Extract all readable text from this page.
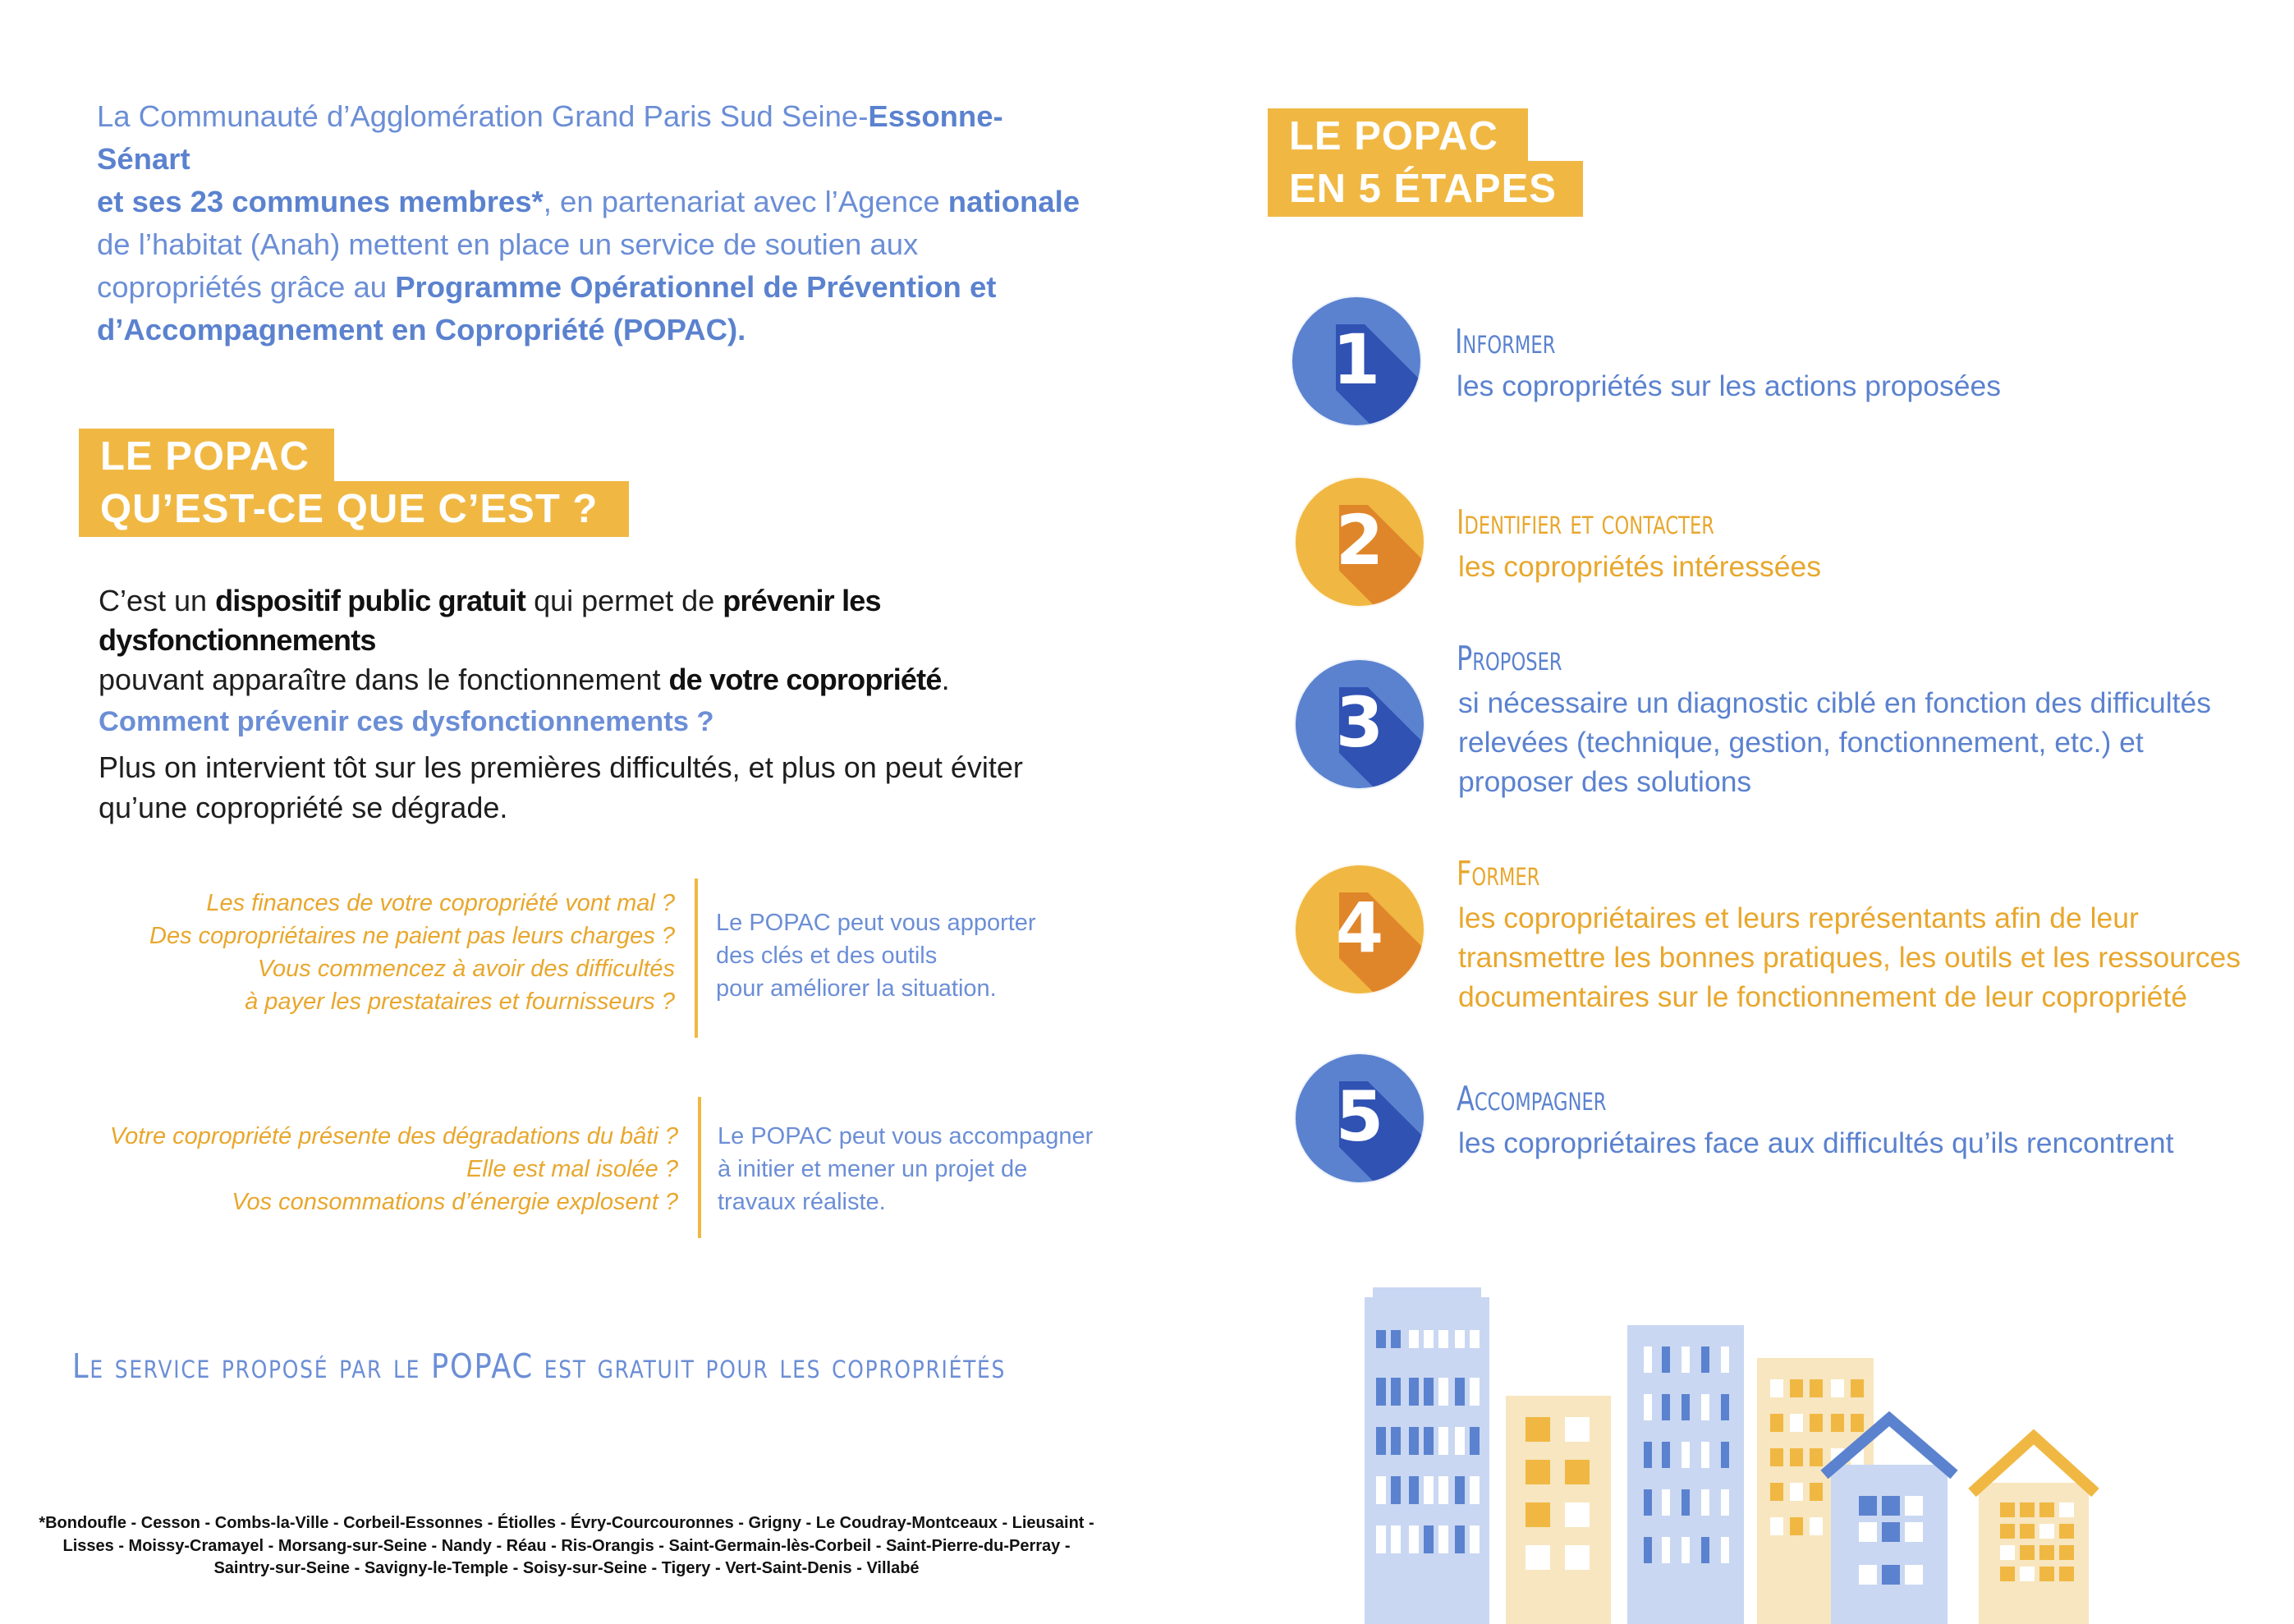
La Communauté d’Agglomération Grand Paris Sud Seine-Essonne-Sénart
et ses 23 communes membres*, en partenariat avec l’Agence nationale
de l’habitat (Anah) mettent en place un service de soutien aux
copropriétés grâce au Programme Opérationnel de Prévention et
d’Accompagnement en Copropriété (POPAC).
LE POPAC
QU’EST-CE QUE C’EST ?
C’est un dispositif public gratuit qui permet de prévenir les dysfonctionnements
pouvant apparaître dans le fonctionnement de votre copropriété.
Comment prévenir ces dysfonctionnements ?
Plus on intervient tôt sur les premières difficultés, et plus on peut éviter
qu’une copropriété se dégrade.
Les finances de votre copropriété vont mal ?
Des copropriétaires ne paient pas leurs charges ?
Vous commencez à avoir des difficultés
à payer les prestataires et fournisseurs ?
Le POPAC peut vous apporter
des clés et des outils
pour améliorer la situation.
Votre copropriété présente des dégradations du bâti ?
Elle est mal isolée ?
Vos consommations d’énergie explosent ?
Le POPAC peut vous accompagner
à initier et mener un projet de
travaux réaliste.
Le service proposé par le POPAC est gratuit pour les copropriétés
*Bondoufle - Cesson - Combs-la-Ville - Corbeil-Essonnes - Étiolles - Évry-Courcouronnes - Grigny - Le Coudray-Montceaux - Lieusaint -
Lisses - Moissy-Cramayel - Morsang-sur-Seine - Nandy - Réau - Ris-Orangis - Saint-Germain-lès-Corbeil - Saint-Pierre-du-Perray -
Saintry-sur-Seine - Savigny-le-Temple - Soisy-sur-Seine - Tigery - Vert-Saint-Denis - Villabé
LE POPAC
EN 5 ÉTAPES
1 Informer
les copropriétés sur les actions proposées
2 Identifier et contacter
les copropriétés intéressées
3
Proposer
si nécessaire un diagnostic ciblé en fonction des difficultés
relevées (technique, gestion, fonctionnement, etc.) et
proposer des solutions
4
Former
les copropriétaires et leurs représentants afin de leur
transmettre les bonnes pratiques, les outils et les ressources
documentaires sur le fonctionnement de leur copropriété
5 Accompagner
les copropriétaires face aux difficultés qu’ils rencontrent
